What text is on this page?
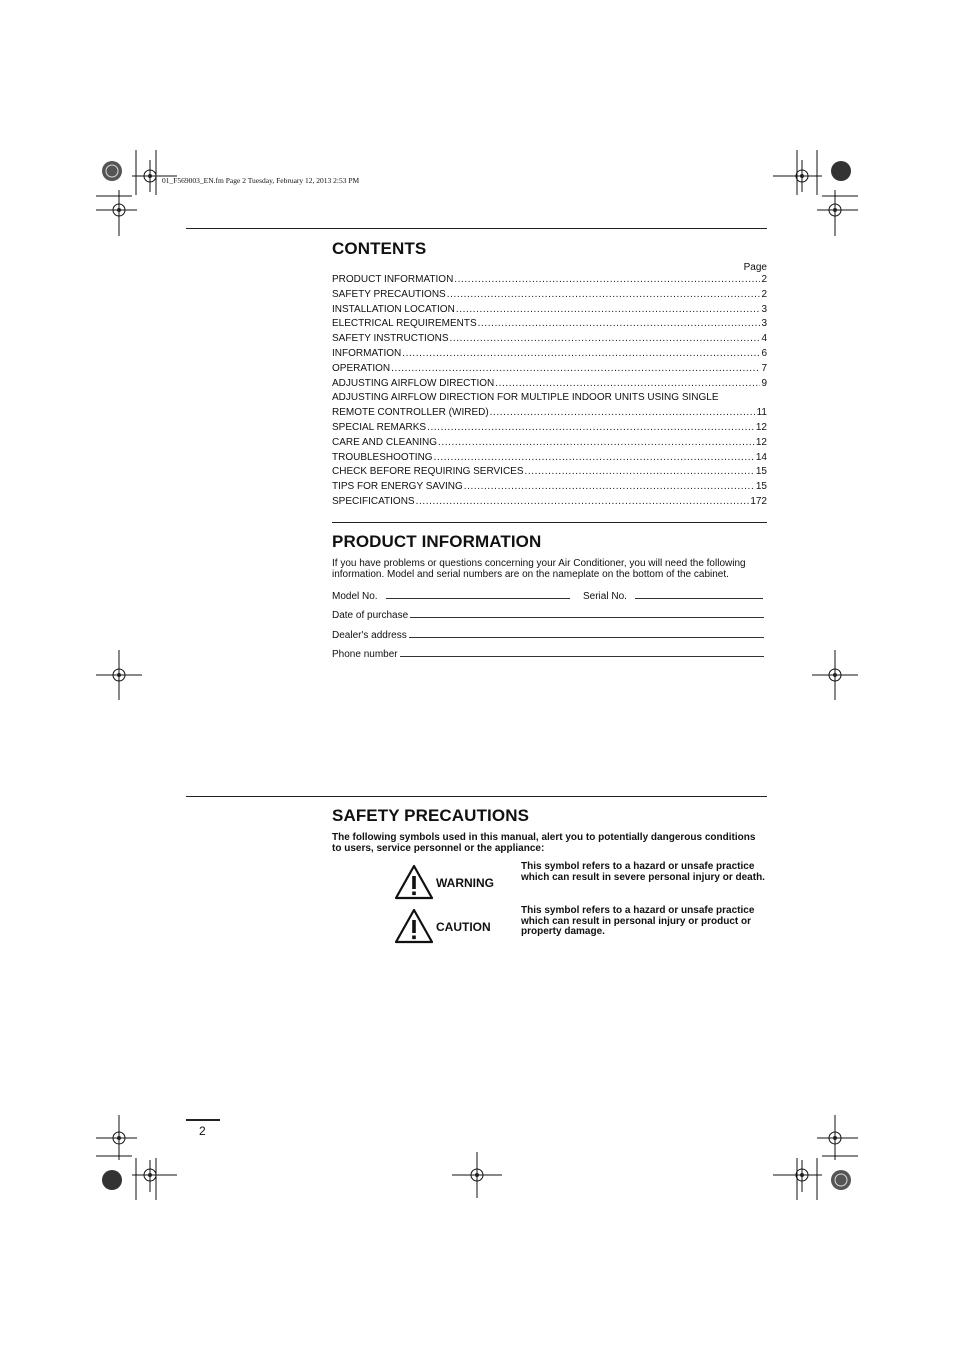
01_F569003_EN.fm Page 2 Tuesday, February 12, 2013 2:53 PM
CONTENTS
Page
PRODUCT INFORMATION .....	2
SAFETY PRECAUTIONS .....	2
INSTALLATION LOCATION .....	3
ELECTRICAL REQUIREMENTS .....	3
SAFETY INSTRUCTIONS .....	4
INFORMATION .....	6
OPERATION .....	7
ADJUSTING AIRFLOW DIRECTION .....	9
ADJUSTING AIRFLOW DIRECTION FOR MULTIPLE INDOOR UNITS USING SINGLE
REMOTE CONTROLLER (WIRED) .....	11
SPECIAL REMARKS .....	12
CARE AND CLEANING .....	12
TROUBLESHOOTING .....	14
CHECK BEFORE REQUIRING SERVICES .....	15
TIPS FOR ENERGY SAVING .....	15
SPECIFICATIONS .....	172
PRODUCT INFORMATION
If you have problems or questions concerning your Air Conditioner, you will need the following information. Model and serial numbers are on the nameplate on the bottom of the cabinet.
Model No.	Serial No.
Date of purchase
Dealer's address
Phone number
SAFETY PRECAUTIONS
The following symbols used in this manual, alert you to potentially dangerous conditions to users, service personnel or the appliance:
WARNING
This symbol refers to a hazard or unsafe practice which can result in severe personal injury or death.
CAUTION
This symbol refers to a hazard or unsafe practice which can result in personal injury or product or property damage.
2
